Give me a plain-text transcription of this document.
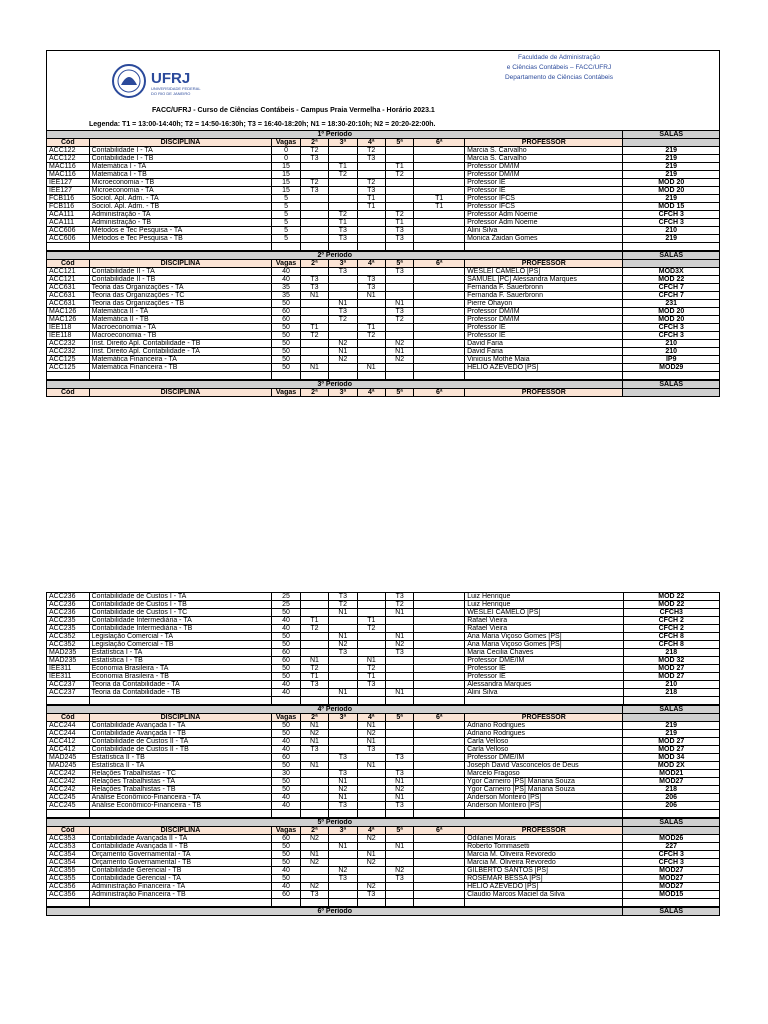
UFRJ
UNIVERSIDADE FEDERAL
DO RIO DE JANEIRO
Faculdade de Administração
e Ciências Contábeis – FACC/UFRJ
Departamento de Ciências Contábeis
FACC/UFRJ - Curso de Ciências Contábeis - Campus Praia Vermelha - Horário 2023.1
Legenda: T1 = 13:00-14:40h; T2 = 14:50-16:30h; T3 = 16:40-18:20h; N1 = 18:30-20:10h; N2 = 20:20-22:00h.
1º Período									SALAS
Cód	DISCIPLINA	Vagas	2ª	3ª	4ª	5ª	6ª	PROFESSOR	
ACC122	Contabilidade I - TA	0	T2		T2			Marcia S. Carvalho	219
ACC122	Contabilidade I - TB	0	T3		T3			Marcia S. Carvalho	219
MAC116	Matemática I - TA	15		T1		T1		Professor DM/IM	219
MAC116	Matemática I - TB	15		T2		T2		Professor DM/IM	219
IEE127	Microeconomia - TB	15	T2		T2			Professor IE	MOD 20
IEE127	Microeconomia - TA	15	T3		T3			Professor IE	MOD 20
FCB116	Sociol. Apl. Adm. - TA	5			T1		T1	Professor IFCS	219
FCB116	Sociol. Apl. Adm. - TB	5			T1		T1	Professor IFCS	MOD 15
ACA111	Administração - TA	5		T2		T2		Professor Adm Noeme	CFCH 3
ACA111	Administração - TB	5		T1		T1		Professor Adm Noeme	CFCH 3
ACC606	Métodos e Tec Pesquisa - TA	5		T3		T3		Alini Silva	210
ACC606	Métodos e Tec Pesquisa - TB	5		T3		T3		Monica Zaidan Gomes	219

2º Período									SALAS
Cód	DISCIPLINA	Vagas	2ª	3ª	4ª	5ª	6ª	PROFESSOR	
ACC121	Contabilidade II - TA	40		T3		T3		WESLEI CAMELO [PS]	MOD3X
ACC121	Contabilidade II - TB	40	T3		T3			SAMUEL [PC] Alessandra Marques	MOD 22
ACC631	Teoria das Organizações - TA	35	T3		T3			Fernanda F. Sauerbronn	CFCH 7
ACC631	Teoria das Organizações - TC	35	N1		N1			Fernanda F. Sauerbronn	CFCH 7
ACC631	Teoria das Organizações - TB	50		N1		N1		Pierre Ohayon	231
MAC126	Matemática II - TA	60		T3		T3		Professor DM/IM	MOD 20
MAC126	Matemática II - TB	60		T2		T2		Professor DM/IM	MOD 20
IEE118	Macroeconomia - TA	50	T1		T1			Professor IE	CFCH 3
IEE118	Macroeconomia - TB	50	T2		T2			Professor IE	CFCH 3
ACC232	Inst. Direito Apl. Contabilidade - TB	50		N2		N2		David Faria	210
ACC232	Inst. Direito Apl. Contabilidade - TA	50		N1		N1		David Faria	210
ACC125	Matemática Financeira - TA	50		N2		N2		Vinicius Mothé Maia	IP9
ACC125	Matemática Financeira - TB	50	N1		N1			HELIO AZEVEDO [PS]	MOD29

3º Período									SALAS
Cód	DISCIPLINA	Vagas	2ª	3ª	4ª	5ª	6ª	PROFESSOR	
ACC236	Contabilidade de Custos I - TA	25		T3		T3		Luiz Henrique	MOD 22
ACC236	Contabilidade de Custos I - TB	25		T2		T2		Luiz Henrique	MOD 22
ACC236	Contabilidade de Custos I - TC	50		N1		N1		WESLEI CAMELO [PS]	CFCH3
ACC235	Contabilidade Intermediária - TA	40	T1		T1			Rafael Vieira	CFCH 2
ACC235	Contabilidade Intermediária - TB	40	T2		T2			Rafael Vieira	CFCH 2
ACC352	Legislação Comercial - TA	50		N1		N1		Ana Maria Viçoso Gomes [PS]	CFCH 8
ACC352	Legislação Comercial - TB	50		N2		N2		Ana Maria Viçoso Gomes [PS]	CFCH 8
MAD235	Estatística I - TA	60		T3		T3		Maria Cecilia Chaves	218
MAD235	Estatística I - TB	60	N1		N1			Professor DME/IM	MOD 32
IEE311	Economia Brasileira - TA	50	T2		T2			Professor IE	MOD 27
IEE311	Economia Brasileira - TB	50	T1		T1			Professor IE	MOD 27
ACC237	Teoria da Contabilidade - TA	40	T3		T3			Alessandra Marques	210
ACC237	Teoria da Contabilidade - TB	40		N1		N1		Alini Silva	218

4º Período									SALAS
Cód	DISCIPLINA	Vagas	2ª	3ª	4ª	5ª	6ª	PROFESSOR	
ACC244	Contabilidade Avançada I - TA	50	N1		N1			Adriano Rodrigues	219
ACC244	Contabilidade Avançada I - TB	50	N2		N2			Adriano Rodrigues	219
ACC412	Contabilidade de Custos II - TA	40	N1		N1			Carla Velloso	MOD 27
ACC412	Contabilidade de Custos II - TB	40	T3		T3			Carla Velloso	MOD 27
MAD245	Estatística II - TB	60		T3		T3		Professor DME/IM	MOD 34
MAD245	Estatística II - TA	50	N1		N1			Joseph David Vasconcelos de Deus	MOD 2X
ACC242	Relações Trabalhistas - TC	30		T3		T3		Marcelo Fragoso	MOD21
ACC242	Relações Trabalhistas - TA	50		N1		N1		Ygor Carneiro [PS] Mariana Souza	MOD27
ACC242	Relações Trabalhistas - TB	50		N2		N2		Ygor Carneiro [PS] Mariana Souza	218
ACC245	Análise Econômico-Financeira - TA	40		N1		N1		Anderson Monteiro [PS]	206
ACC245	Análise Econômico-Financeira - TB	40		T3		T3		Anderson Monteiro [PS]	206

5º Período									SALAS
Cód	DISCIPLINA	Vagas	2ª	3ª	4ª	5ª	6ª	PROFESSOR	
ACC353	Contabilidade Avançada II - TA	60	N2		N2			Odilanei Morais	MOD26
ACC353	Contabilidade Avançada II - TB	50		N1		N1		Roberto Tommasetti	227
ACC354	Orçamento Governamental - TA	50	N1		N1			Marcia M. Oliveira Revoredo	CFCH 3
ACC354	Orçamento Governamental - TB	50	N2		N2			Marcia M. Oliveira Revoredo	CFCH 3
ACC355	Contabilidade Gerencial - TB	40		N2		N2		GILBERTO SANTOS [PS]	MOD27
ACC355	Contabilidade Gerencial - TA	50		T3		T3		ROSEMAR BESSA [PS]	MOD27
ACC356	Administração Financeira - TA	40	N2		N2			HELIO AZEVEDO [PS]	MOD27
ACC356	Administração Financeira - TB	60	T3		T3			Claudio Marcos Maciel da Silva	MOD15

6º Período	SALAS
